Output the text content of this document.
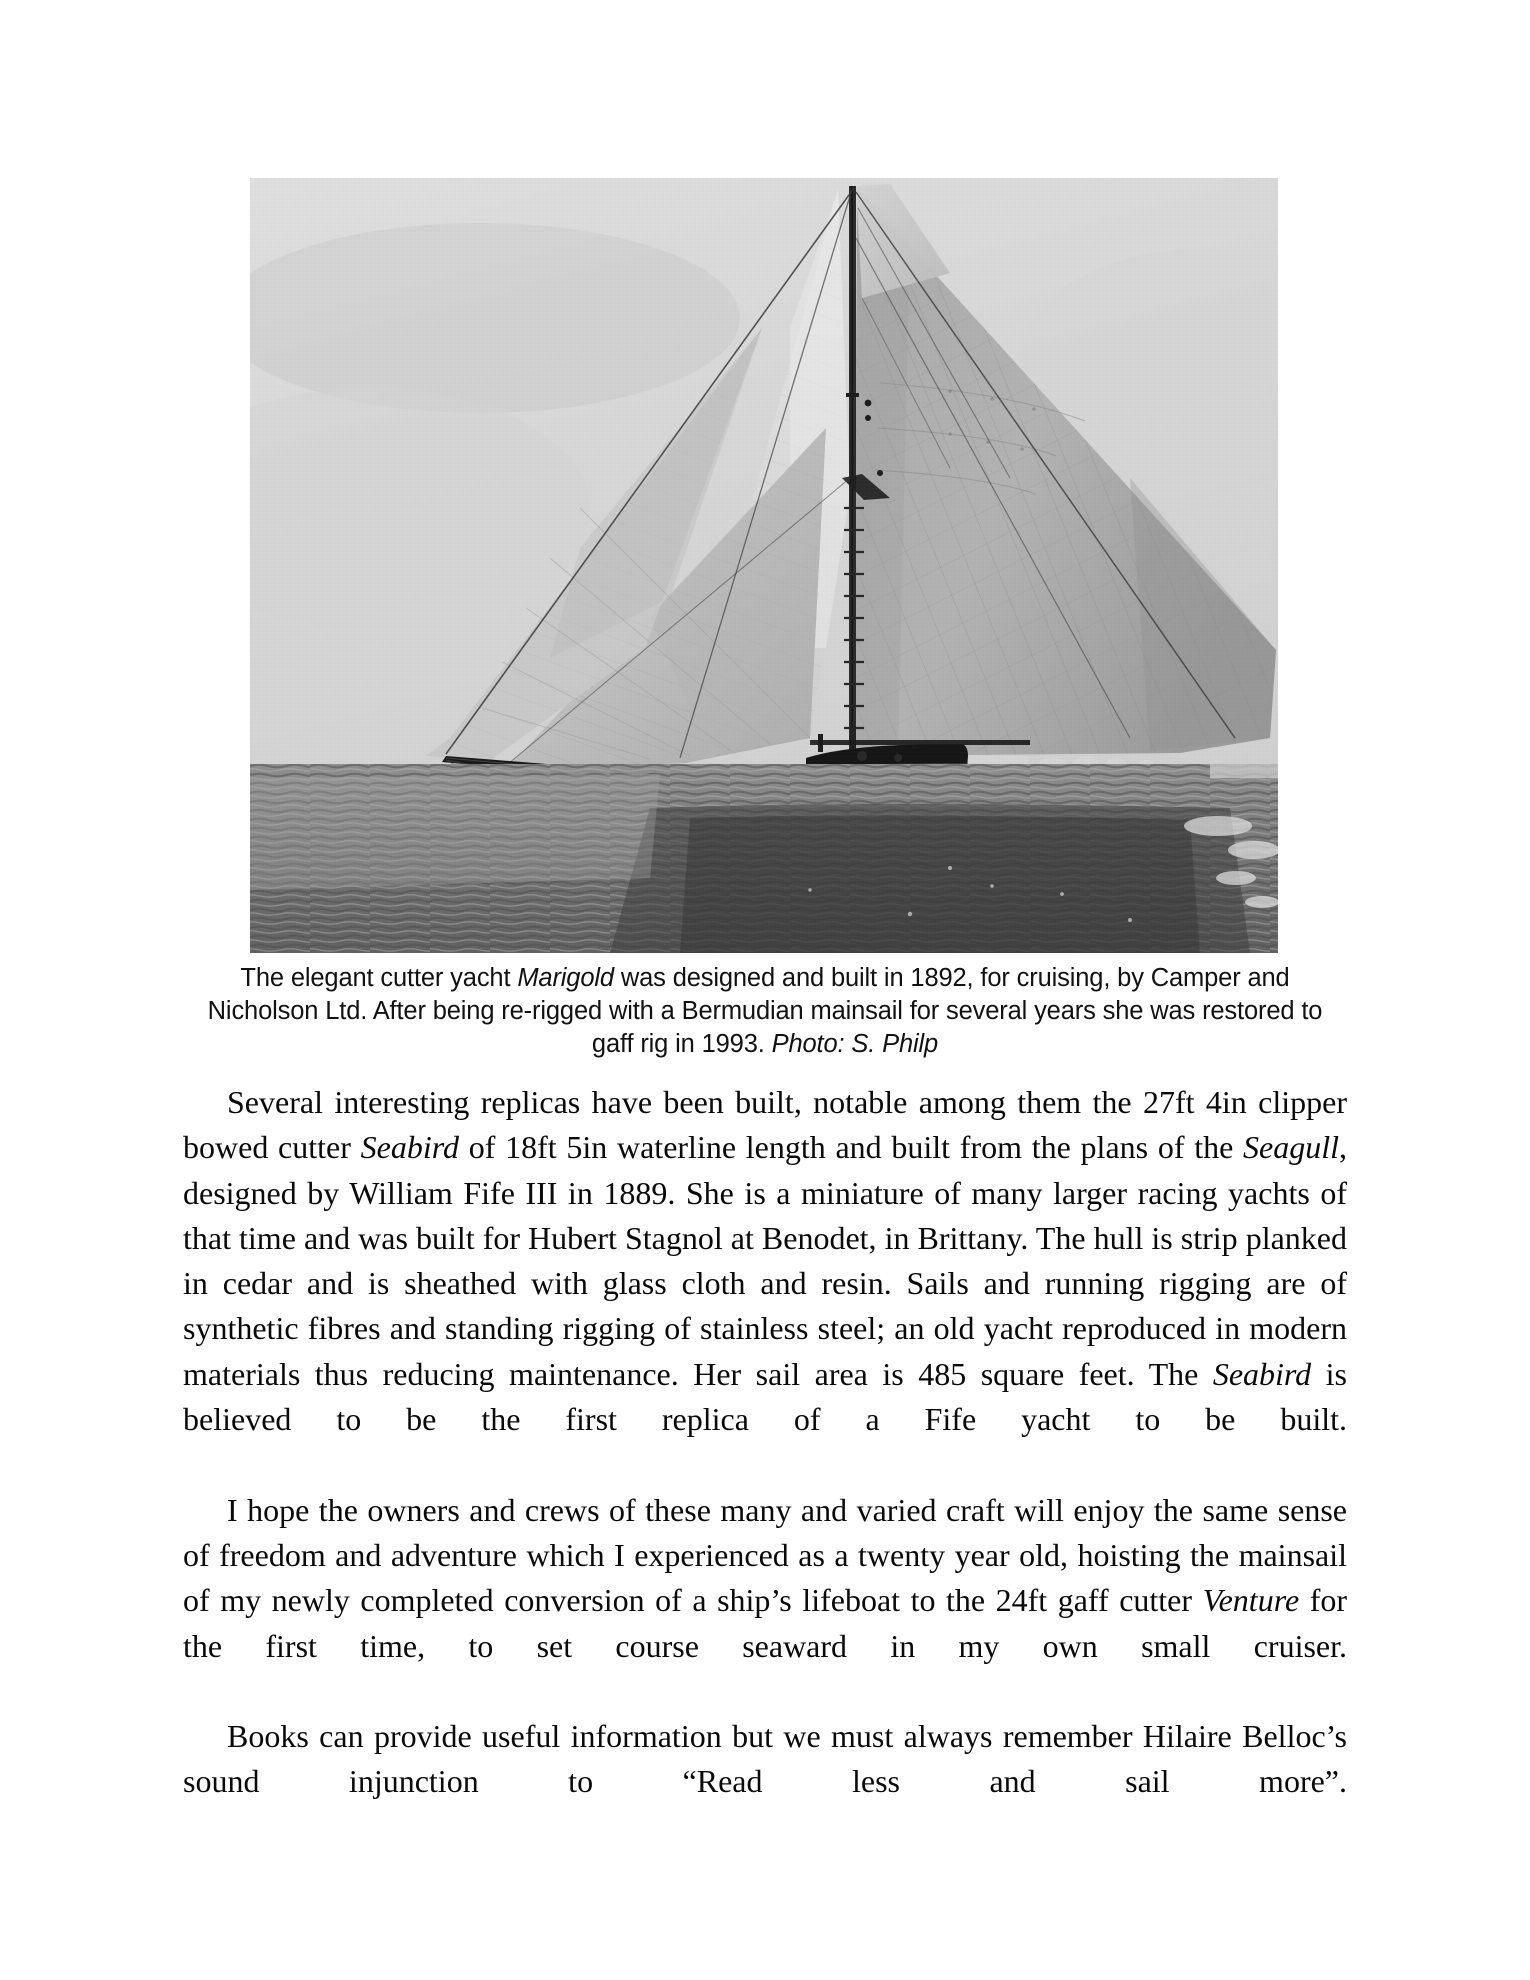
The elegant cutter yacht Marigold was designed and built in 1892, for cruising, by Camper and Nicholson Ltd. After being re-rigged with a Bermudian mainsail for several years she was restored to gaff rig in 1993. Photo: S. Philp

Several interesting replicas have been built, notable among them the 27ft 4in clipper bowed cutter Seabird of 18ft 5in waterline length and built from the plans of the Seagull, designed by William Fife III in 1889. She is a miniature of many larger racing yachts of that time and was built for Hubert Stagnol at Benodet, in Brittany. The hull is strip planked in cedar and is sheathed with glass cloth and resin. Sails and running rigging are of synthetic fibres and standing rigging of stainless steel; an old yacht reproduced in modern materials thus reducing maintenance. Her sail area is 485 square feet. The Seabird is believed to be the first replica of a Fife yacht to be built.

I hope the owners and crews of these many and varied craft will enjoy the same sense of freedom and adventure which I experienced as a twenty year old, hoisting the mainsail of my newly completed conversion of a ship’s lifeboat to the 24ft gaff cutter Venture for the first time, to set course seaward in my own small cruiser.

Books can provide useful information but we must always remember Hilaire Belloc’s sound injunction to “Read less and sail more”.
